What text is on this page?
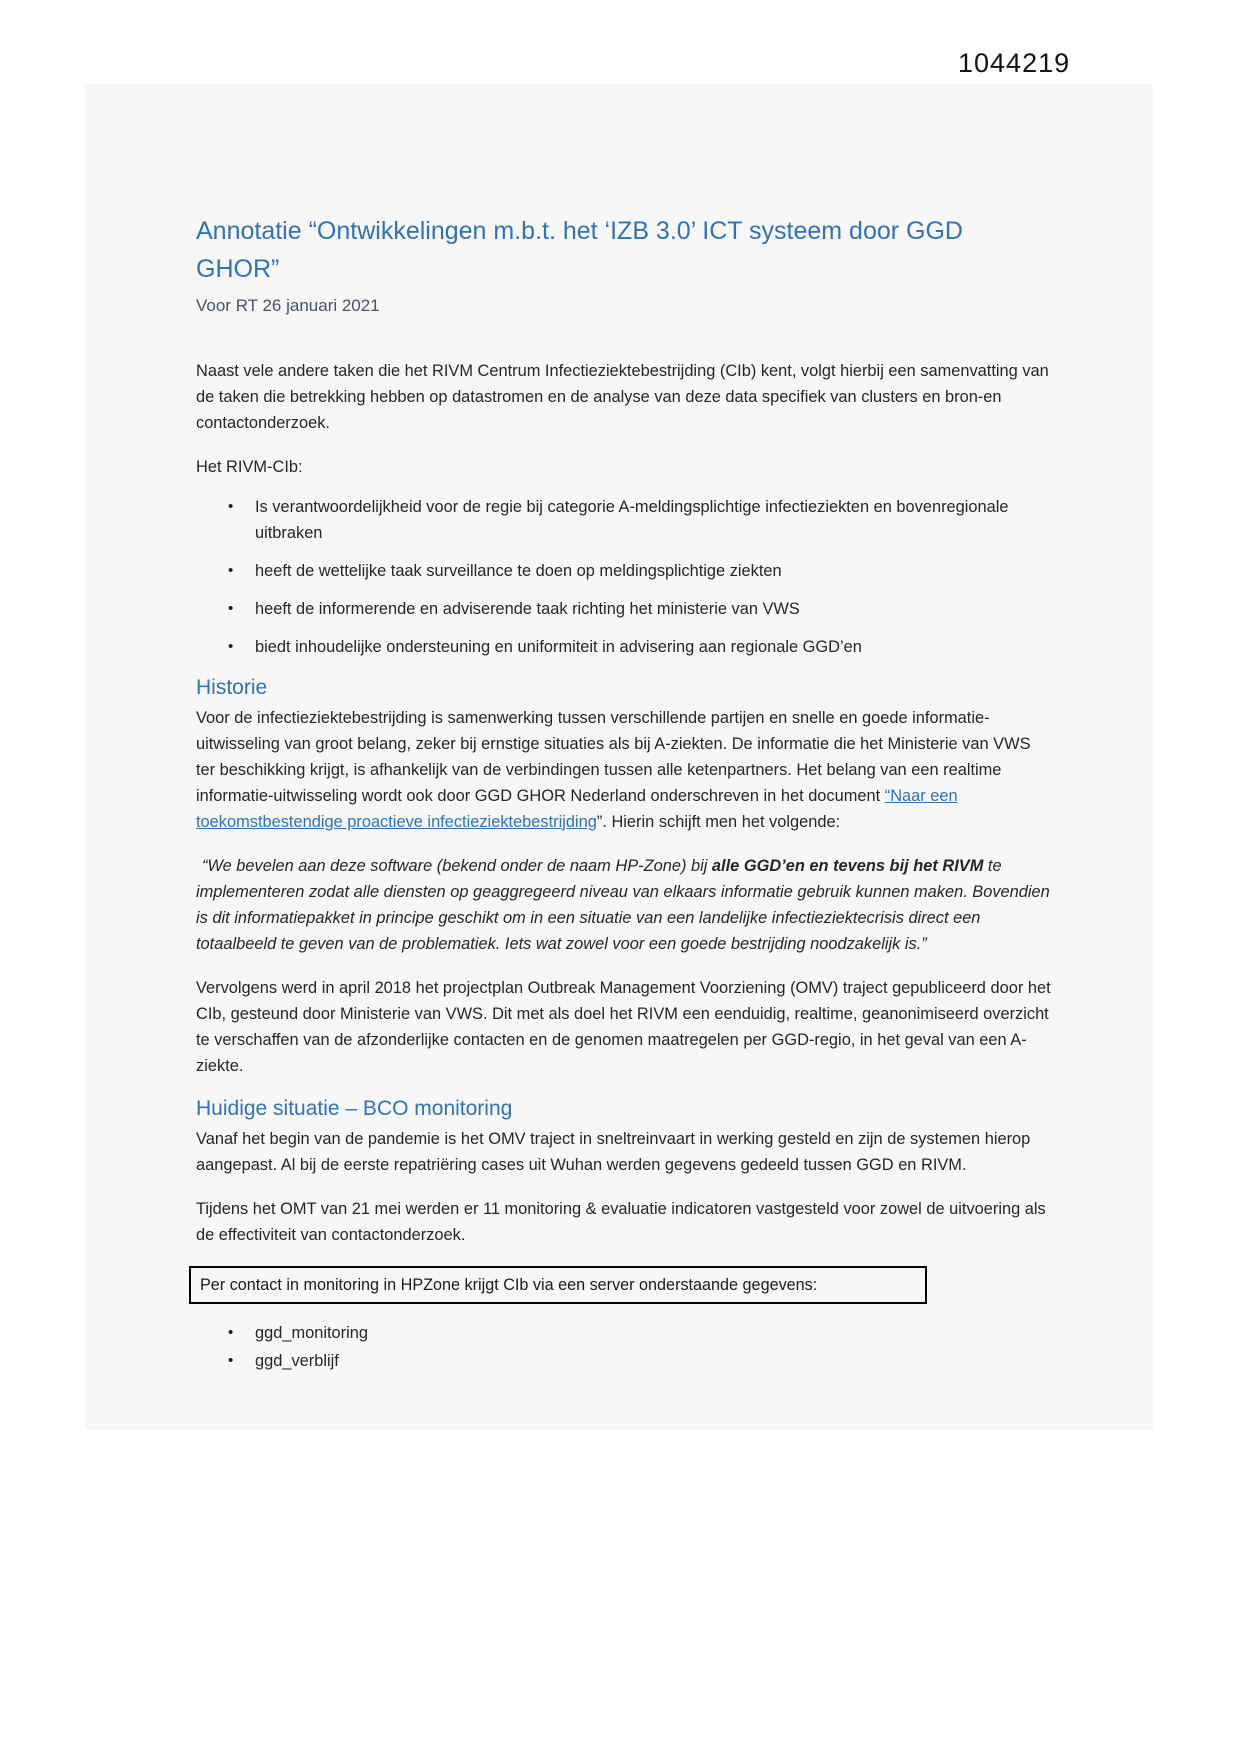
1044219
Annotatie “Ontwikkelingen m.b.t. het ‘IZB 3.0’ ICT systeem door GGD GHOR”
Voor RT 26 januari 2021

Naast vele andere taken die het RIVM Centrum Infectieziektebestrijding (CIb) kent, volgt hierbij een samenvatting van de taken die betrekking hebben op datastromen en de analyse van deze data specifiek van clusters en bron-en contactonderzoek.

Het RIVM-CIb:

•	Is verantwoordelijkheid voor de regie bij categorie A-meldingsplichtige infectieziekten en bovenregionale uitbraken
•	heeft de wettelijke taak surveillance te doen op meldingsplichtige ziekten
•	heeft de informerende en adviserende taak richting het ministerie van VWS
•	biedt inhoudelijke ondersteuning en uniformiteit in advisering aan regionale GGD’en
Historie

Voor de infectieziektebestrijding is samenwerking tussen verschillende partijen en snelle en goede informatie-uitwisseling van groot belang, zeker bij ernstige situaties als bij A-ziekten. De informatie die het Ministerie van VWS ter beschikking krijgt, is afhankelijk van de verbindingen tussen alle ketenpartners. Het belang van een realtime informatie-uitwisseling wordt ook door GGD GHOR Nederland onderschreven in het document “Naar een toekomstbestendige proactieve infectieziektebestrijding”. Hierin schijft men het volgende:

“We bevelen aan deze software (bekend onder de naam HP-Zone) bij alle GGD’en en tevens bij het RIVM te implementeren zodat alle diensten op geaggregeerd niveau van elkaars informatie gebruik kunnen maken. Bovendien is dit informatiepakket in principe geschikt om in een situatie van een landelijke infectieziektecrisis direct een totaalbeeld te geven van de problematiek. Iets wat zowel voor een goede bestrijding noodzakelijk is.”

Vervolgens werd in april 2018 het projectplan Outbreak Management Voorziening (OMV) traject gepubliceerd door het CIb, gesteund door Ministerie van VWS. Dit met als doel het RIVM een eenduidig, realtime, geanonimiseerd overzicht te verschaffen van de afzonderlijke contacten en de genomen maatregelen per GGD-regio, in het geval van een A-ziekte.

Huidige situatie – BCO monitoring

Vanaf het begin van de pandemie is het OMV traject in sneltreinvaart in werking gesteld en zijn de systemen hierop aangepast. Al bij de eerste repatriëring cases uit Wuhan werden gegevens gedeeld tussen GGD en RIVM.

Tijdens het OMT van 21 mei werden er 11 monitoring & evaluatie indicatoren vastgesteld voor zowel de uitvoering als de effectiviteit van contactonderzoek.

Per contact in monitoring in HPZone krijgt CIb via een server onderstaande gegevens:
•	ggd_monitoring
•	ggd_verblijf
